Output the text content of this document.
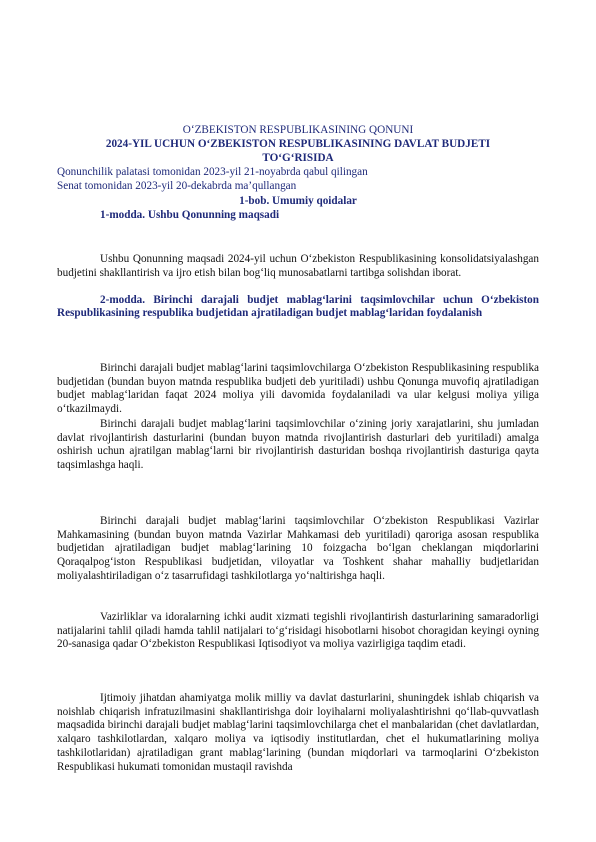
O‘ZBEKISTON RESPUBLIKASINING QONUNI
2024-YIL UCHUN O‘ZBEKISTON RESPUBLIKASINING DAVLAT BUDJETI
TO‘G‘RISIDA
Qonunchilik palatasi tomonidan 2023-yil 21-noyabrda qabul qilingan
Senat tomonidan 2023-yil 20-dekabrda ma’qullangan
1-bob. Umumiy qoidalar
1-modda. Ushbu Qonunning maqsadi
Ushbu Qonunning maqsadi 2024-yil uchun O‘zbekiston Respublikasining konsolidatsiyalashgan budjetini shakllantirish va ijro etish bilan bog‘liq munosabatlarni tartibga solishdan iborat.
2-modda. Birinchi darajali budjet mablag‘larini taqsimlovchilar uchun O‘zbekiston Respublikasining respublika budjetidan ajratiladigan budjet mablag‘laridan foydalanish
Birinchi darajali budjet mablag‘larini taqsimlovchilarga O‘zbekiston Respublikasining respublika budjetidan (bundan buyon matnda respublika budjeti deb yuritiladi) ushbu Qonunga muvofiq ajratiladigan budjet mablag‘laridan faqat 2024 moliya yili davomida foydalaniladi va ular kelgusi moliya yiliga o‘tkazilmaydi.
Birinchi darajali budjet mablag‘larini taqsimlovchilar o‘zining joriy xarajatlarini, shu jumladan davlat rivojlantirish dasturlarini (bundan buyon matnda rivojlantirish dasturlari deb yuritiladi) amalga oshirish uchun ajratilgan mablag‘larni bir rivojlantirish dasturidan boshqa rivojlantirish dasturiga qayta taqsimlashga haqli.
Birinchi darajali budjet mablag‘larini taqsimlovchilar O‘zbekiston Respublikasi Vazirlar Mahkamasining (bundan buyon matnda Vazirlar Mahkamasi deb yuritiladi) qaroriga asosan respublika budjetidan ajratiladigan budjet mablag‘larining 10 foizgacha bo‘lgan cheklangan miqdorlarini Qoraqalpog‘iston Respublikasi budjetidan, viloyatlar va Toshkent shahar mahalliy budjetlaridan moliyalashtiriladigan o‘z tasarrufidagi tashkilotlarga yo‘naltirishga haqli.
Vazirliklar va idoralarning ichki audit xizmati tegishli rivojlantirish dasturlarining samaradorligi natijalarini tahlil qiladi hamda tahlil natijalari to‘g‘risidagi hisobotlarni hisobot choragidan keyingi oyning 20-sanasiga qadar O‘zbekiston Respublikasi Iqtisodiyot va moliya vazirligiga taqdim etadi.
Ijtimoiy jihatdan ahamiyatga molik milliy va davlat dasturlarini, shuningdek ishlab chiqarish va noishlab chiqarish infratuzilmasini shakllantirishga doir loyihalarni moliyalashtirishni qo‘llab-quvvatlash maqsadida birinchi darajali budjet mablag‘larini taqsimlovchilarga chet el manbalaridan (chet davlatlardan, xalqaro tashkilotlardan, xalqaro moliya va iqtisodiy institutlardan, chet el hukumatlarining moliya tashkilotlaridan) ajratiladigan grant mablag‘larining (bundan miqdorlari va tarmoqlarini O‘zbekiston Respublikasi hukumati tomonidan mustaqil ravishda
